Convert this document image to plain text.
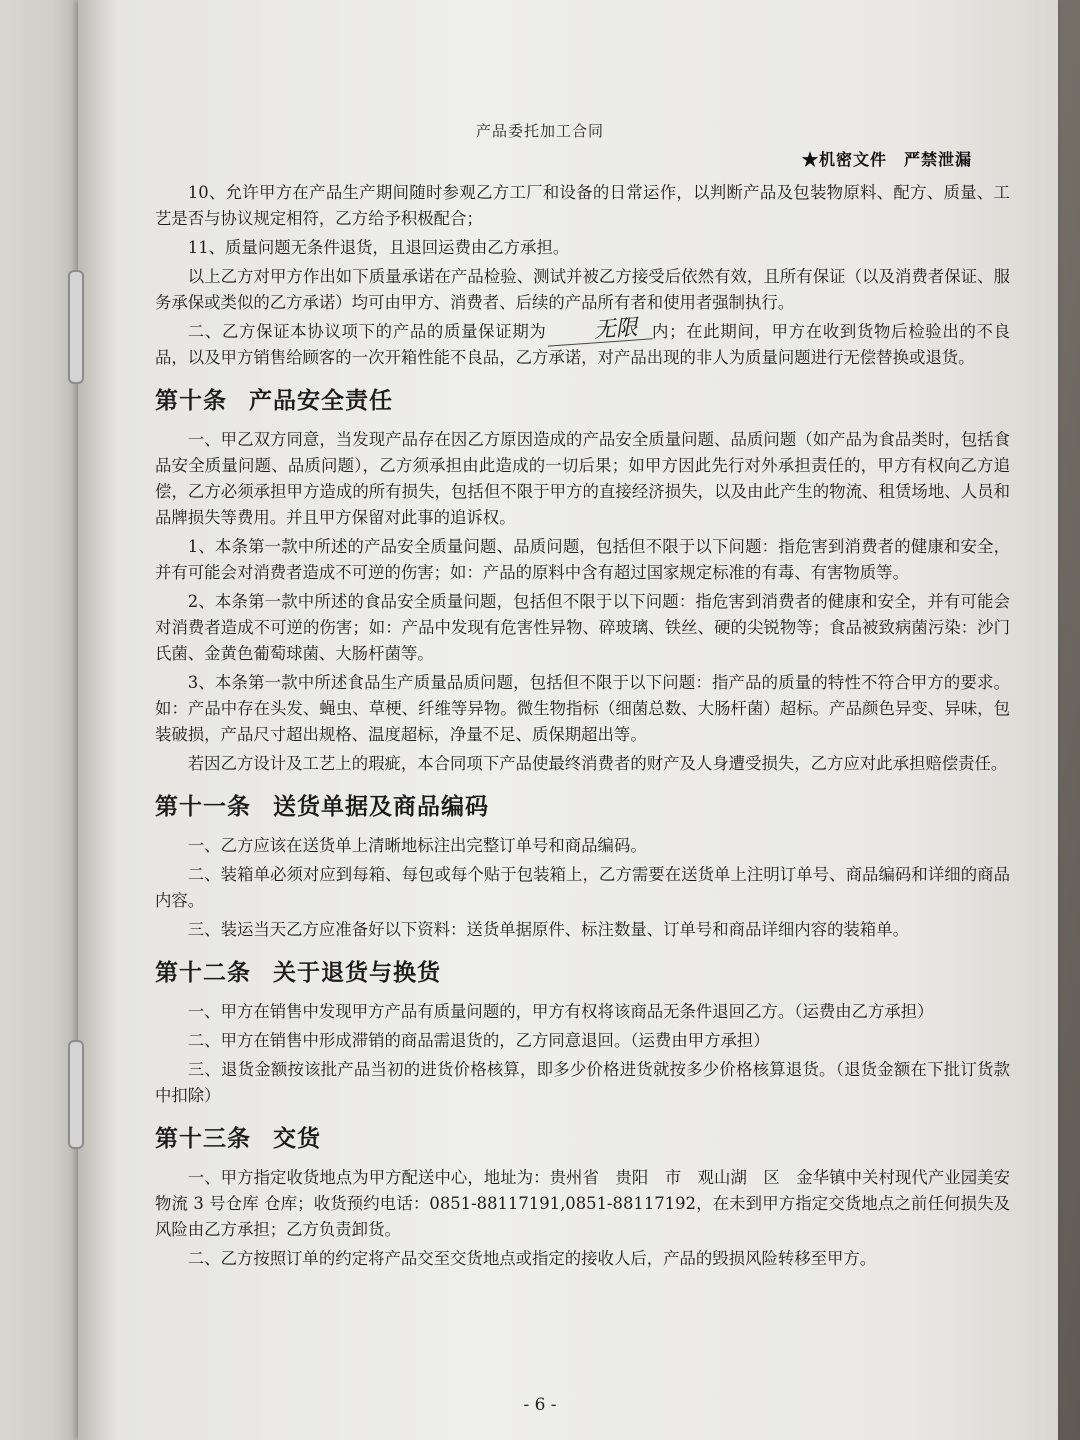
产品委托加工合同
★机密文件　严禁泄漏

10、允许甲方在产品生产期间随时参观乙方工厂和设备的日常运作，以判断产品及包装物原料、配方、质量、工艺是否与协议规定相符，乙方给予积极配合；

11、质量问题无条件退货，且退回运费由乙方承担。

以上乙方对甲方作出如下质量承诺在产品检验、测试并被乙方接受后依然有效，且所有保证（以及消费者保证、服务承保或类似的乙方承诺）均可由甲方、消费者、后续的产品所有者和使用者强制执行。

二、乙方保证本协议项下的产品的质量保证期为 无限 内；在此期间，甲方在收到货物后检验出的不良品，以及甲方销售给顾客的一次开箱性能不良品，乙方承诺，对产品出现的非人为质量问题进行无偿替换或退货。

第十条 产品安全责任

一、甲乙双方同意，当发现产品存在因乙方原因造成的产品安全质量问题、品质问题（如产品为食品类时，包括食品安全质量问题、品质问题），乙方须承担由此造成的一切后果；如甲方因此先行对外承担责任的，甲方有权向乙方追偿，乙方必须承担甲方造成的所有损失，包括但不限于甲方的直接经济损失，以及由此产生的物流、租赁场地、人员和品牌损失等费用。并且甲方保留对此事的追诉权。

1、本条第一款中所述的产品安全质量问题、品质问题，包括但不限于以下问题：指危害到消费者的健康和安全，并有可能会对消费者造成不可逆的伤害；如：产品的原料中含有超过国家规定标准的有毒、有害物质等。

2、本条第一款中所述的食品安全质量问题，包括但不限于以下问题：指危害到消费者的健康和安全，并有可能会对消费者造成不可逆的伤害；如：产品中发现有危害性异物、碎玻璃、铁丝、硬的尖锐物等；食品被致病菌污染：沙门氏菌、金黄色葡萄球菌、大肠杆菌等。

3、本条第一款中所述食品生产质量品质问题，包括但不限于以下问题：指产品的质量的特性不符合甲方的要求。如：产品中存在头发、蝇虫、草梗、纤维等异物。微生物指标（细菌总数、大肠杆菌）超标。产品颜色异变、异味，包装破损，产品尺寸超出规格、温度超标，净量不足、质保期超出等。

若因乙方设计及工艺上的瑕疵，本合同项下产品使最终消费者的财产及人身遭受损失，乙方应对此承担赔偿责任。

第十一条 送货单据及商品编码

一、乙方应该在送货单上清晰地标注出完整订单号和商品编码。

二、装箱单必须对应到每箱、每包或每个贴于包装箱上，乙方需要在送货单上注明订单号、商品编码和详细的商品内容。

三、装运当天乙方应准备好以下资料：送货单据原件、标注数量、订单号和商品详细内容的装箱单。

第十二条 关于退货与换货

一、甲方在销售中发现甲方产品有质量问题的，甲方有权将该商品无条件退回乙方。（运费由乙方承担）

二、甲方在销售中形成滞销的商品需退货的，乙方同意退回。（运费由甲方承担）

三、退货金额按该批产品当初的进货价格核算，即多少价格进货就按多少价格核算退货。（退货金额在下批订货款中扣除）

第十三条 交货

一、甲方指定收货地点为甲方配送中心，地址为：贵州省　贵阳　市　观山湖　区　金华镇中关村现代产业园美安物流 3 号仓库 仓库；收货预约电话：0851-88117191,0851-88117192，在未到甲方指定交货地点之前任何损失及风险由乙方承担；乙方负责卸货。

二、乙方按照订单的约定将产品交至交货地点或指定的接收人后，产品的毁损风险转移至甲方。

- 6 -
